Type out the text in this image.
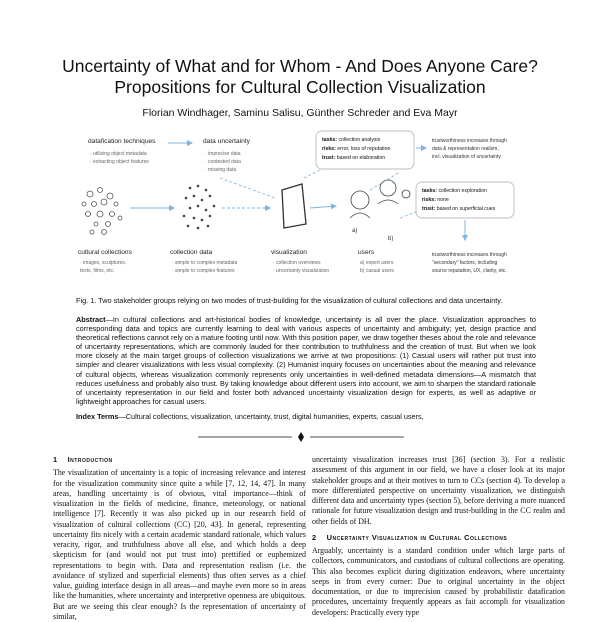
Uncertainty of What and for Whom - And Does Anyone Care?
Propositions for Cultural Collection Visualization
Florian Windhager, Saminu Salisu, Günther Schreder and Eva Mayr
datafication techniques
· utilizing object metadata
· extracting object features
data uncertainty
· imprecise data
· contested data
· missing data
tasks: collection analysis
risks: error, loss of reputation
trust: based on elaboration
trustworthiness increases through
data & representation realism,
incl. visualization of uncertainty
tasks: collection exploration
risks: none
trust: based on superficial cues
trustworthiness increases through
“secondary” factors, including
source reputation, UX, clarity, etc.
a)
b)
cultural collections
· images, sculptures,
texts, films, etc.
collection data
· simple to complex metadata
· simple to complex features
visualization
· collection overviews
· uncertainty visualization
users
a) expert users
b) casual users
Fig. 1. Two stakeholder groups relying on two modes of trust-building for the visualization of cultural collections and data uncertainty.
Abstract—In cultural collections and art-historical bodies of knowledge, uncertainty is all over the place. Visualization approaches to corresponding data and topics are currently learning to deal with various aspects of uncertainty and ambiguity; yet, design practice and theoretical reflections cannot rely on a mature footing until now. With this position paper, we draw together theses about the role and relevance of uncertainty representations, which are commonly lauded for their contribution to truthfulness and the creation of trust. But when we look more closely at the main target groups of collection visualizations we arrive at two propositions: (1) Casual users will rather put trust into simpler and clearer visualizations with less visual complexity. (2) Humanist inquiry focuses on uncertainties about the meaning and relevance of cultural objects, whereas visualization commonly represents only uncertainties in well-defined metadata dimensions—A mismatch that reduces usefulness and probably also trust. By taking knowledge about different users into account, we aim to sharpen the standard rationale of uncertainty representation in our field and foster both advanced uncertainty visualization design for experts, as well as adaptive or lightweight approaches for casual users.
Index Terms—Cultural collections, visualization, uncertainty, trust, digital humanities, experts, casual users,
1 Introduction

The visualization of uncertainty is a topic of increasing relevance and interest for the visualization community since quite a while [7, 12, 14, 47]. In many areas, handling uncertainty is of obvious, vital importance—think of visualization in the fields of medicine, finance, meteorology, or national intelligence [7]. Recently it was also picked up in our research field of visualization of cultural collections (CC) [20, 43]. In general, representing uncertainty fits nicely with a certain academic standard rationale, which values veracity, rigor, and truthfulness above all else, and which holds a deep skepticism for (and would not put trust into) prettified or euphemized representations to begin with. Data and representation realism (i.e. the avoidance of stylized and superficial elements) thus often serves as a chief value, guiding interface design in all areas—and maybe even more so in areas like the humanities, where uncertainty and interpretive openness are ubiquitous. But are we seeing this clear enough? Is the representation of uncertainty of similar,

uncertainty visualization increases trust [36] (section 3). For a realistic assessment of this argument in our field, we have a closer look at its major stakeholder groups and at their motives to turn to CCs (section 4). To develop a more differentiated perspective on uncertainty visualization, we distinguish different data and uncertainty types (section 5), before deriving a more nuanced rationale for future visualization design and trust-building in the CC realm and other fields of DH.

2 Uncertainty Visualization in Cultural Collections

Arguably, uncertainty is a standard condition under which large parts of collectors, communicators, and custodians of cultural collections are operating. This also becomes explicit during digitization endeavors, where uncertainty seeps in from every corner: Due to original uncertainty in the object documentation, or due to imprecision caused by probabilistic datafication procedures, uncertainty frequently appears as fait accompli for visualization developers: Practically every type
